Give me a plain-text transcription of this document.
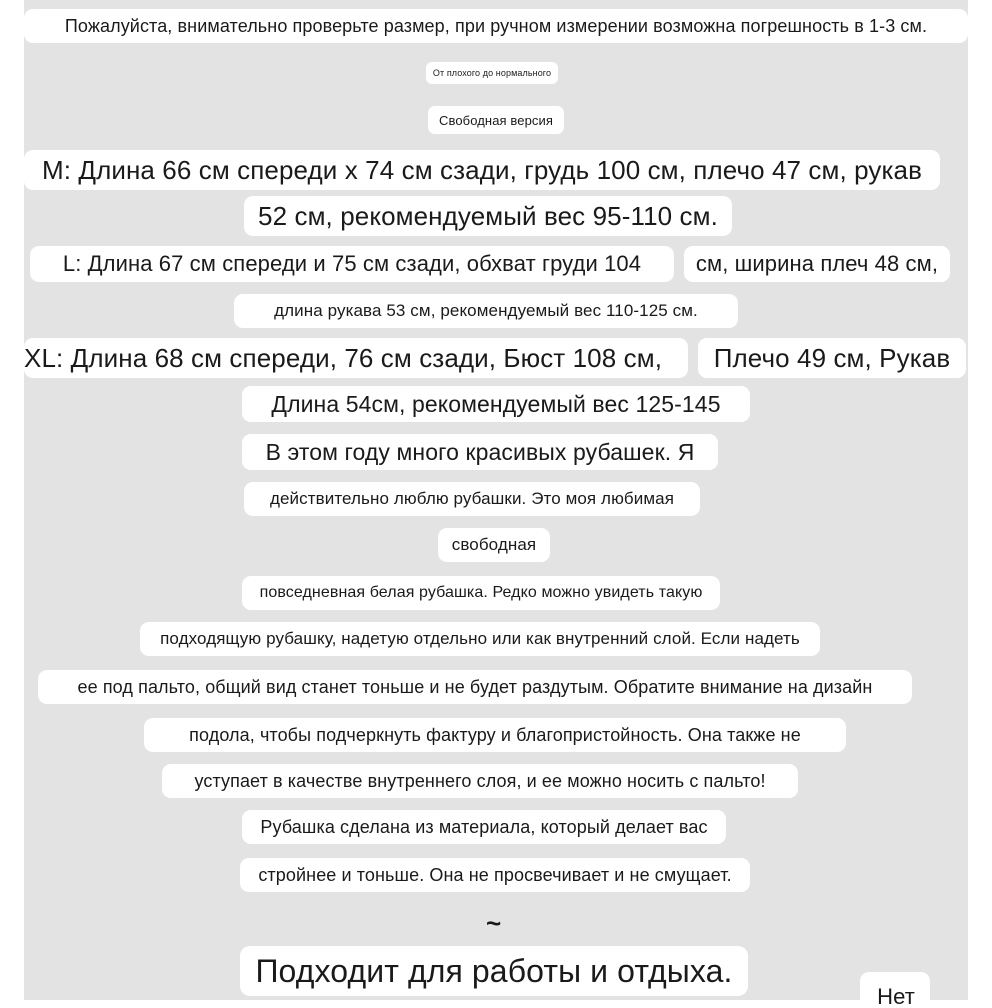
Пожалуйста, внимательно проверьте размер, при ручном измерении возможна погрешность в 1-3 см.
От плохого до нормального
Свободная версия
M: Длина 66 см спереди x 74 см сзади, грудь 100 см, плечо 47 см, рукав
52 см, рекомендуемый вес 95-110 см.
L: Длина 67 см спереди и 75 см сзади, обхват груди 104	см, ширина плеч 48 см,
длина рукава 53 см, рекомендуемый вес 110-125 см.
XL: Длина 68 см спереди, 76 см сзади, Бюст 108 см,	Плечо 49 см, Рукав
Длина 54см, рекомендуемый вес 125-145
В этом году много красивых рубашек. Я
действительно люблю рубашки. Это моя любимая
свободная
повседневная белая рубашка. Редко можно увидеть такую
подходящую рубашку, надетую отдельно или как внутренний слой. Если надеть
ее под пальто, общий вид станет тоньше и не будет раздутым. Обратите внимание на дизайн
подола, чтобы подчеркнуть фактуру и благопристойность. Она также не
уступает в качестве внутреннего слоя, и ее можно носить с пальто!
Рубашка сделана из материала, который делает вас
стройнее и тоньше. Она не просвечивает и не смущает.
~
Подходит для работы и отдыха.
Нет
